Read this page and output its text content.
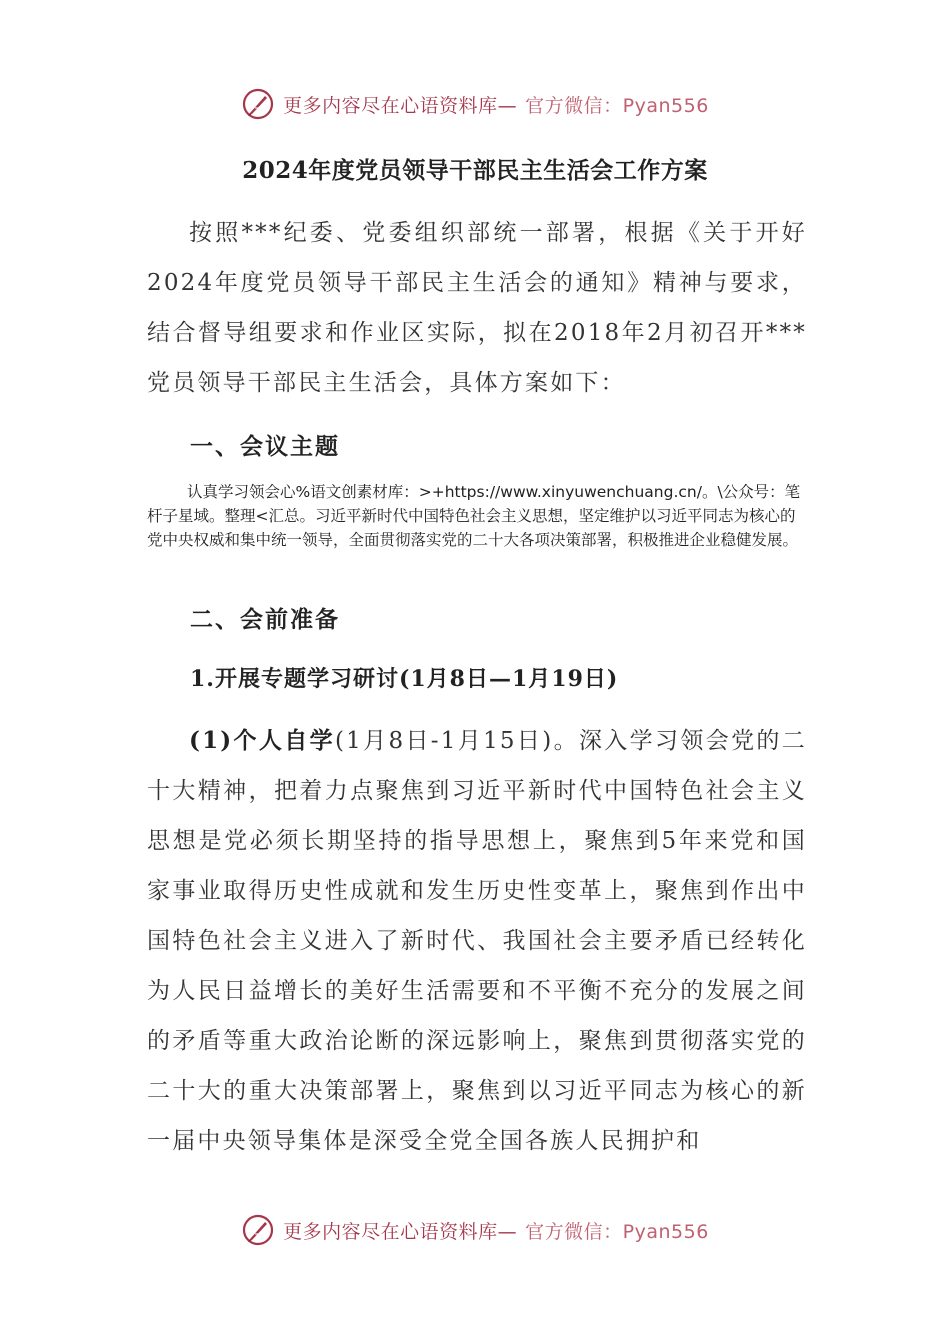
更多内容尽在心语资料库— 官方微信：Pyan556
2024年度党员领导干部民主生活会工作方案
按照***纪委、党委组织部统一部署，根据《关于开好2024年度党员领导干部民主生活会的通知》精神与要求，结合督导组要求和作业区实际，拟在2018年2月初召开***党员领导干部民主生活会，具体方案如下：
一、会议主题
认真学习领会心%语文创素材库：>+https://www.xinyuwenchuang.cn/。\公众号：笔杆子星域。整理<汇总。习近平新时代中国特色社会主义思想，坚定维护以习近平同志为核心的党中央权威和集中统一领导，全面贯彻落实党的二十大各项决策部署，积极推进企业稳健发展。
二、会前准备
1.开展专题学习研讨(1月8日—1月19日)
(1)个人自学(1月8日-1月15日)。深入学习领会党的二十大精神，把着力点聚焦到习近平新时代中国特色社会主义思想是党必须长期坚持的指导思想上，聚焦到5年来党和国家事业取得历史性成就和发生历史性变革上，聚焦到作出中国特色社会主义进入了新时代、我国社会主要矛盾已经转化为人民日益增长的美好生活需要和不平衡不充分的发展之间的矛盾等重大政治论断的深远影响上，聚焦到贯彻落实党的二十大的重大决策部署上，聚焦到以习近平同志为核心的新一届中央领导集体是深受全党全国各族人民拥护和
更多内容尽在心语资料库— 官方微信：Pyan556
